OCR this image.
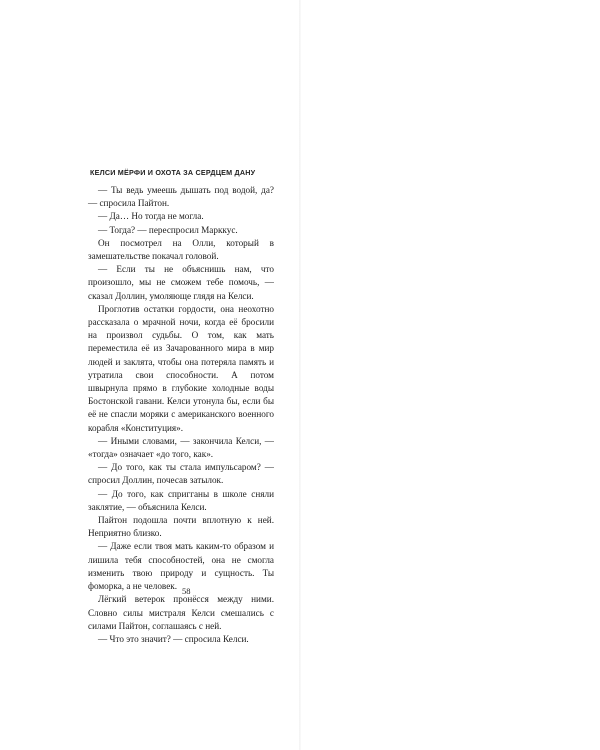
КЕЛСИ МЁРФИ И ОХОТА ЗА СЕРДЦЕМ ДАНУ

— Ты ведь умеешь дышать под водой, да? — спросила Пайтон.

— Да… Но тогда не могла.

— Тогда? — переспросил Марккус.

Он посмотрел на Олли, который в замешательстве покачал головой.

— Если ты не объяснишь нам, что произошло, мы не сможем тебе помочь, — сказал Доллин, умоляюще глядя на Келси.

Проглотив остатки гордости, она неохотно рассказала о мрачной ночи, когда её бросили на произвол судьбы. О том, как мать переместила её из Зачарованного мира в мир людей и заклята, чтобы она потеряла память и утратила свои способности. А потом швырнула прямо в глубокие холодные воды Бостонской гавани. Келси утонула бы, если бы её не спасли моряки с американского военного корабля «Конституция».

— Иными словами, — закончила Келси, — «тогда» означает «до того, как».

— До того, как ты стала импульсаром? — спросил Доллин, почесав затылок.

— До того, как спригганы в школе сняли заклятие, — объяснила Келси.

Пайтон подошла почти вплотную к ней. Неприятно близко.

— Даже если твоя мать каким-то образом и лишила тебя способностей, она не смогла изменить твою природу и сущность. Ты фоморка, а не человек.

Лёгкий ветерок пронёсся между ними. Словно силы мистраля Келси смешались с силами Пайтон, соглашаясь с ней.

— Что это значит? — спросила Келси.

58
